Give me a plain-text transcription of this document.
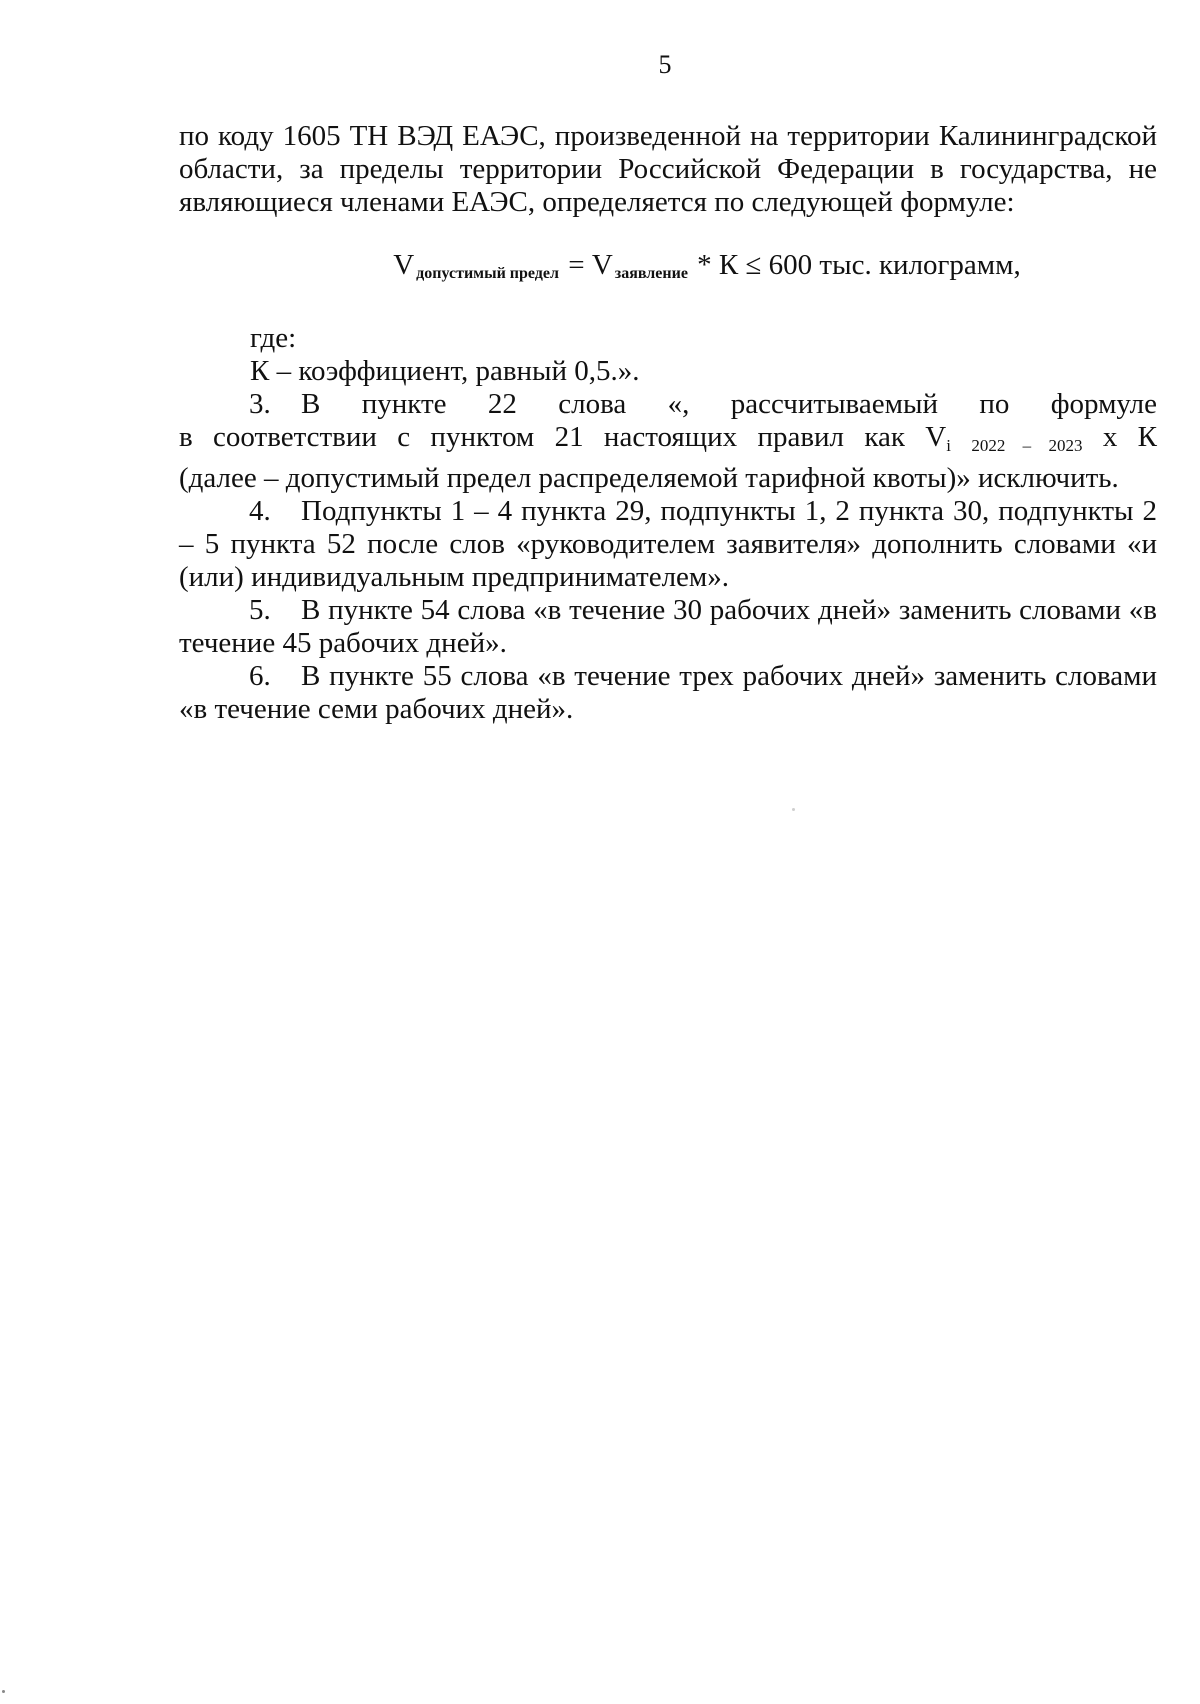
5

по коду 1605 ТН ВЭД ЕАЭС, произведенной на территории Калининградской области, за пределы территории Российской Федерации в государства, не являющиеся членами ЕАЭС, определяется по следующей формуле:

V $_{допустимый предел}$ = V $_{заявление}$ * К ≤ 600 тыс. килограмм,

где:

К – коэффициент, равный 0,5.».

3. В пункте 22 слова «, рассчитываемый по формуле

в соответствии с пунктом 21 настоящих правил как Vi 2022 – 2023 х К

(далее – допустимый предел распределяемой тарифной квоты)» исключить.

4. Подпункты 1 – 4 пункта 29, подпункты 1, 2 пункта 30, подпункты 2 – 5 пункта 52 после слов «руководителем заявителя» дополнить словами «и (или) индивидуальным предпринимателем».

5. В пункте 54 слова «в течение 30 рабочих дней» заменить словами «в течение 45 рабочих дней».

6. В пункте 55 слова «в течение трех рабочих дней» заменить словами «в течение семи рабочих дней».
